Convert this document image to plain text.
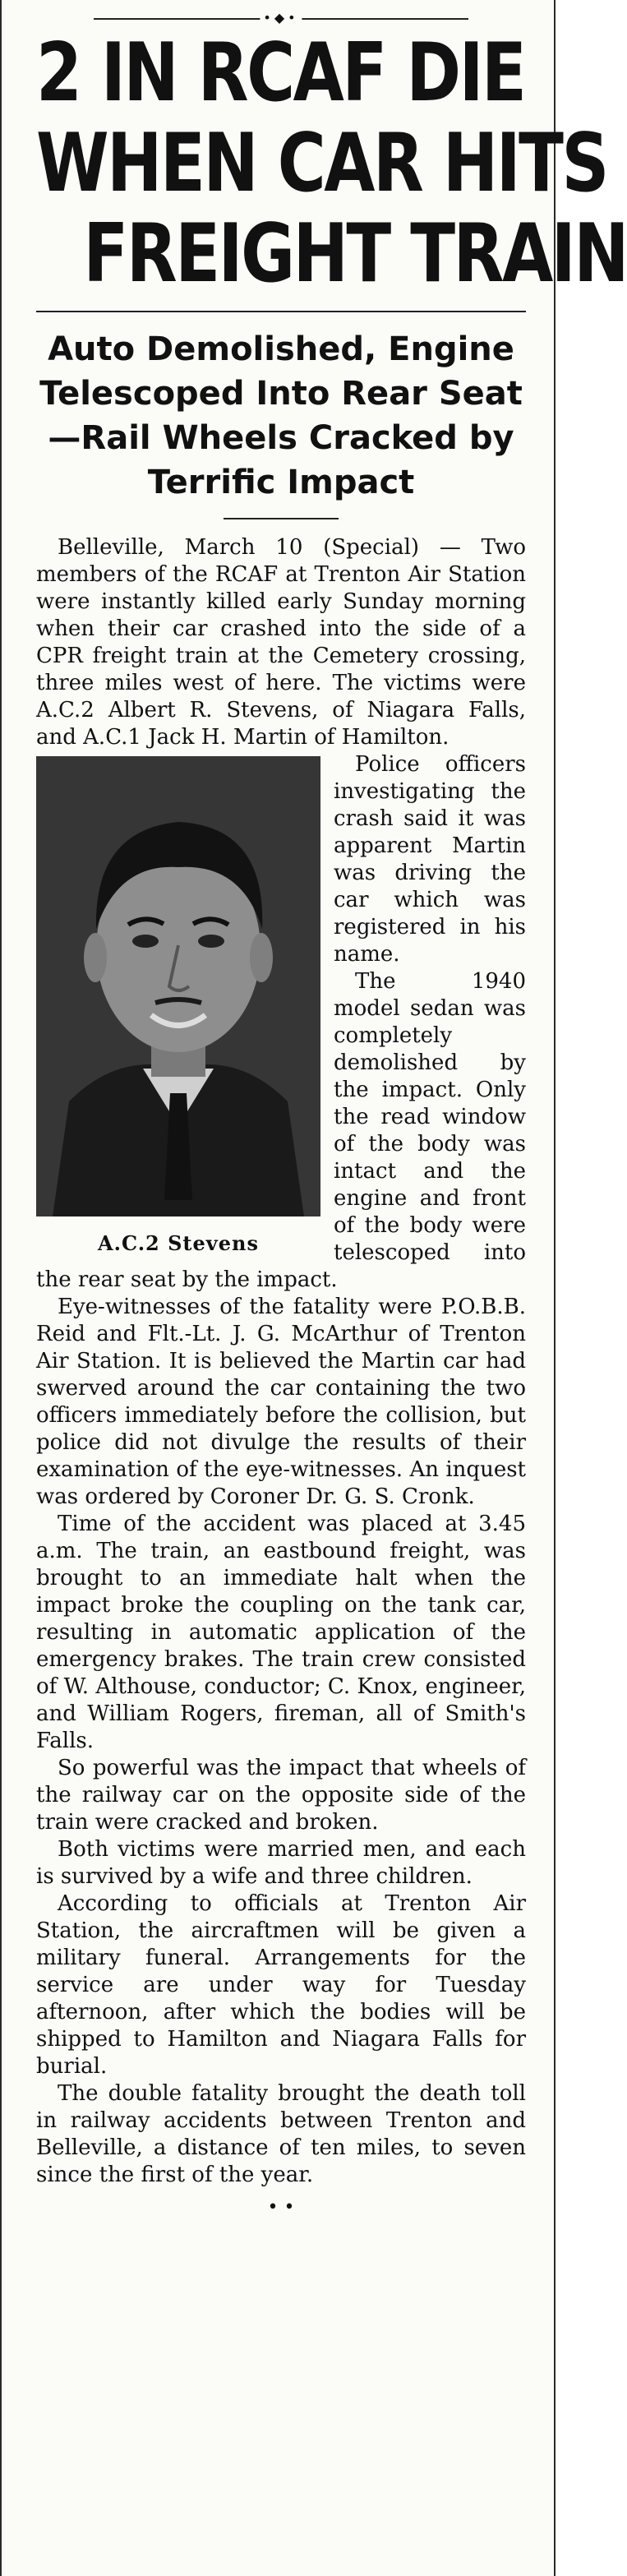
•◆•
2 IN RCAF DIE
WHEN CAR HITS
FREIGHT TRAIN
Auto Demolished, Engine
Telescoped Into Rear Seat
—Rail Wheels Cracked by
Terrific Impact

Belleville, March 10 (Special) — Two members of the RCAF at Trenton Air Station were instantly killed early Sunday morning when their car crashed into the side of a CPR freight train at the Cemetery crossing, three miles west of here. The victims were A.C.2 Albert R. Stevens, of Niagara Falls, and A.C.1 Jack H. Martin of Hamilton.

A.C.2 Stevens

Police officers investigating the crash said it was apparent Martin was driving the car which was registered in his name.

The 1940 model sedan was completely demolished by the impact. Only the read window of the body was intact and the engine and front of the body were telescoped into the rear seat by the impact.

Eye-witnesses of the fatality were P.O.B.B. Reid and Flt.-Lt. J. G. McArthur of Trenton Air Station. It is believed the Martin car had swerved around the car containing the two officers immediately before the collision, but police did not divulge the results of their examination of the eye-witnesses. An inquest was ordered by Coroner Dr. G. S. Cronk.

Time of the accident was placed at 3.45 a.m. The train, an eastbound freight, was brought to an immediate halt when the impact broke the coupling on the tank car, resulting in automatic application of the emergency brakes. The train crew consisted of W. Althouse, conductor; C. Knox, engineer, and William Rogers, fireman, all of Smith's Falls.

So powerful was the impact that wheels of the railway car on the opposite side of the train were cracked and broken.

Both victims were married men, and each is survived by a wife and three children.

According to officials at Trenton Air Station, the aircraftmen will be given a military funeral. Arrangements for the service are under way for Tuesday afternoon, after which the bodies will be shipped to Hamilton and Niagara Falls for burial.

The double fatality brought the death toll in railway accidents between Trenton and Belleville, a distance of ten miles, to seven since the first of the year.

• •
